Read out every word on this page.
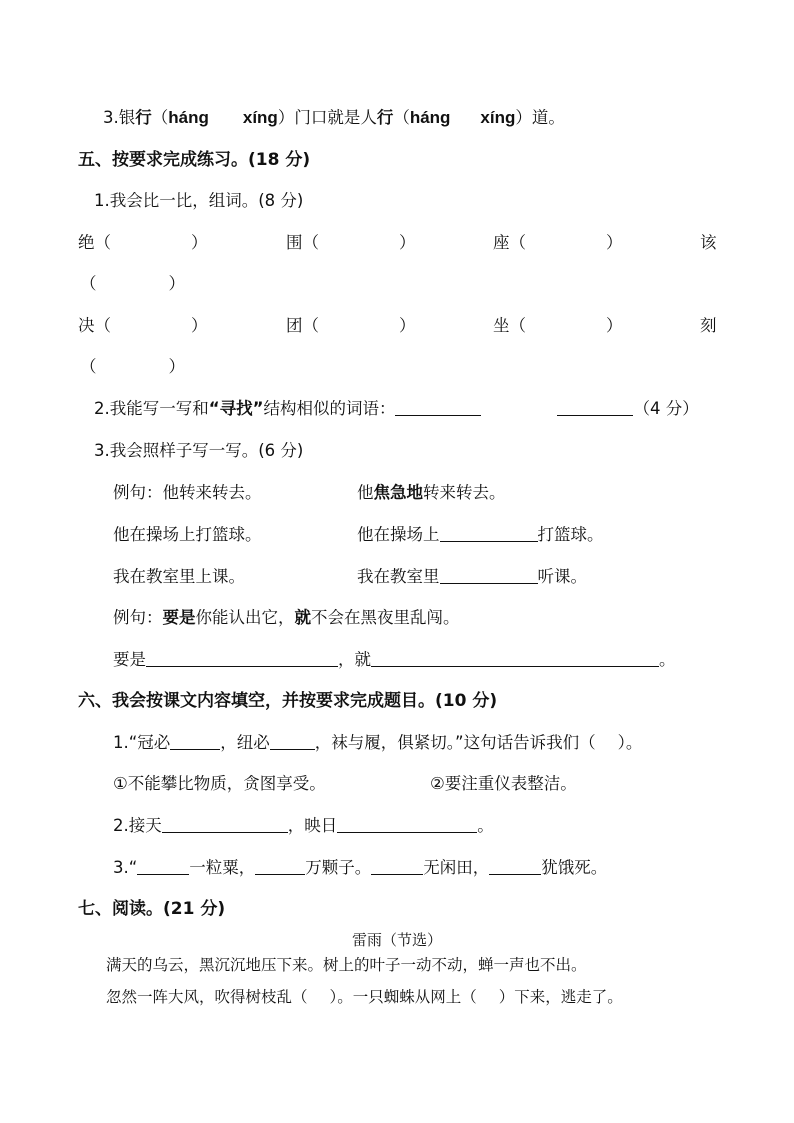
3.银行（háng xíng）门口就是人行（háng xíng）道。
五、按要求完成练习。(18 分)
1.我会比一比，组词。(8 分)
绝（	）	围（	）	座（	）	该
（	）
决（	）	团（	）	坐（	）	刻
（	）
2.我能写一写和“寻找”结构相似的词语：	（4 分）
3.我会照样子写一写。(6 分)
例句：他转来转去。	他焦急地转来转去。
他在操场上打篮球。	他在操场上	打篮球。
我在教室里上课。	我在教室里	听课。
例句：要是你能认出它，就不会在黑夜里乱闯。
要是	，就	。
六、我会按课文内容填空，并按要求完成题目。(10 分)
1.“冠必	，纽必	，袜与履，俱紧切。”这句话告诉我们（ ）。
①不能攀比物质，贪图享受。	②要注重仪表整洁。
2.接天	，映日	。
3.“	一粒粟，	万颗子。	无闲田，	犹饿死。
七、阅读。(21 分)
雷雨（节选）
满天的乌云，黑沉沉地压下来。树上的叶子一动不动，蝉一声也不出。
忽然一阵大风，吹得树枝乱（ ）。一只蜘蛛从网上（ ）下来，逃走了。
